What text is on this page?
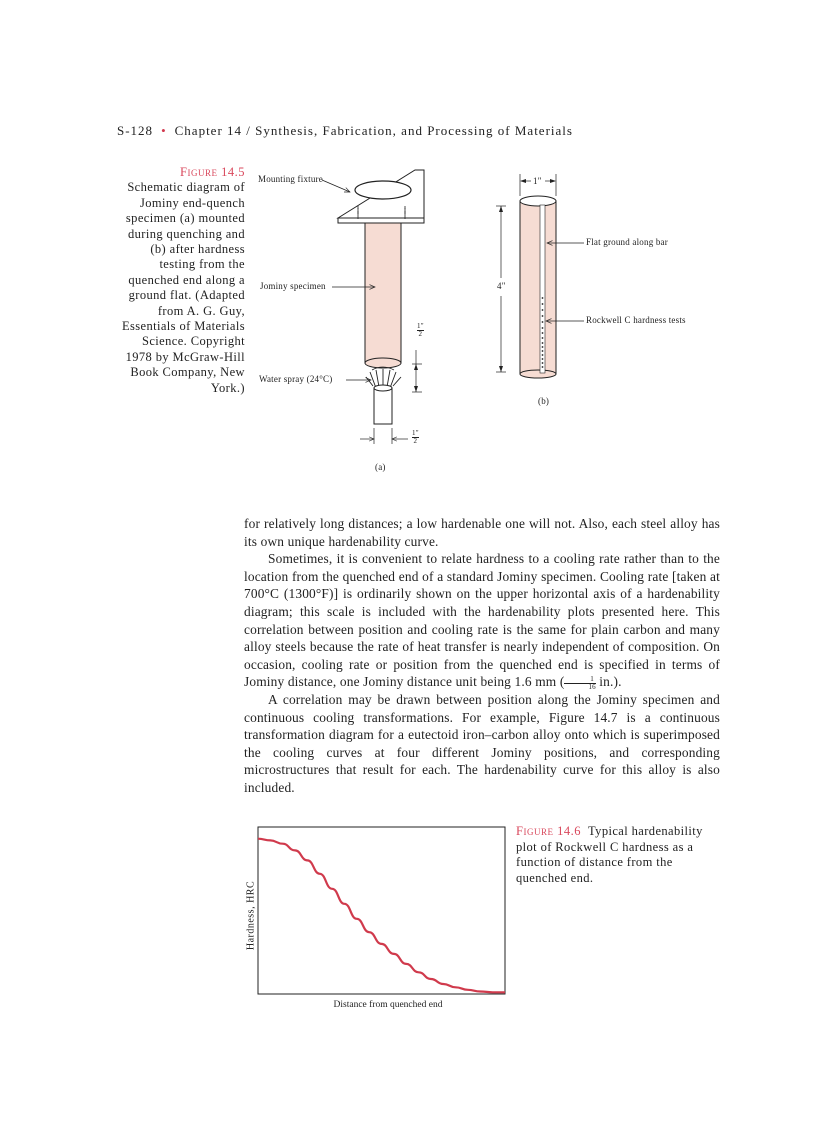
S-128 • Chapter 14 / Synthesis, Fabrication, and Processing of Materials
Figure 14.5
Schematic diagram of Jominy end-quench specimen (a) mounted during quenching and (b) after hardness testing from the quenched end along a ground flat. (Adapted from A. G. Guy, Essentials of Materials Science. Copyright 1978 by McGraw-Hill Book Company, New York.)
Mounting fixture
Jominy specimen
Water spray (24°C)
$\frac{1"}{2}$
$\frac{1"}{2}$
(a)
1"
4"
Flat ground along bar
Rockwell C hardness tests
(b)

for relatively long distances; a low hardenable one will not. Also, each steel alloy has its own unique hardenability curve.

Sometimes, it is convenient to relate hardness to a cooling rate rather than to the location from the quenched end of a standard Jominy specimen. Cooling rate [taken at 700°C (1300°F)] is ordinarily shown on the upper horizontal axis of a hardenability diagram; this scale is included with the hardenability plots presented here. This correlation between position and cooling rate is the same for plain carbon and many alloy steels because the rate of heat transfer is nearly independent of composition. On occasion, cooling rate or position from the quenched end is specified in terms of Jominy distance, one Jominy distance unit being 1.6 mm ( $\frac{1}{16} in$.).

A correlation may be drawn between position along the Jominy specimen and continuous cooling transformations. For example, Figure 14.7 is a continuous transformation diagram for a eutectoid iron–carbon alloy onto which is superimposed the cooling curves at four different Jominy positions, and corresponding microstructures that result for each. The hardenability curve for this alloy is also included.

Hardness, HRC
Distance from quenched end
Figure 14.6 Typical hardenability plot of Rockwell C hardness as a function of distance from the quenched end.
